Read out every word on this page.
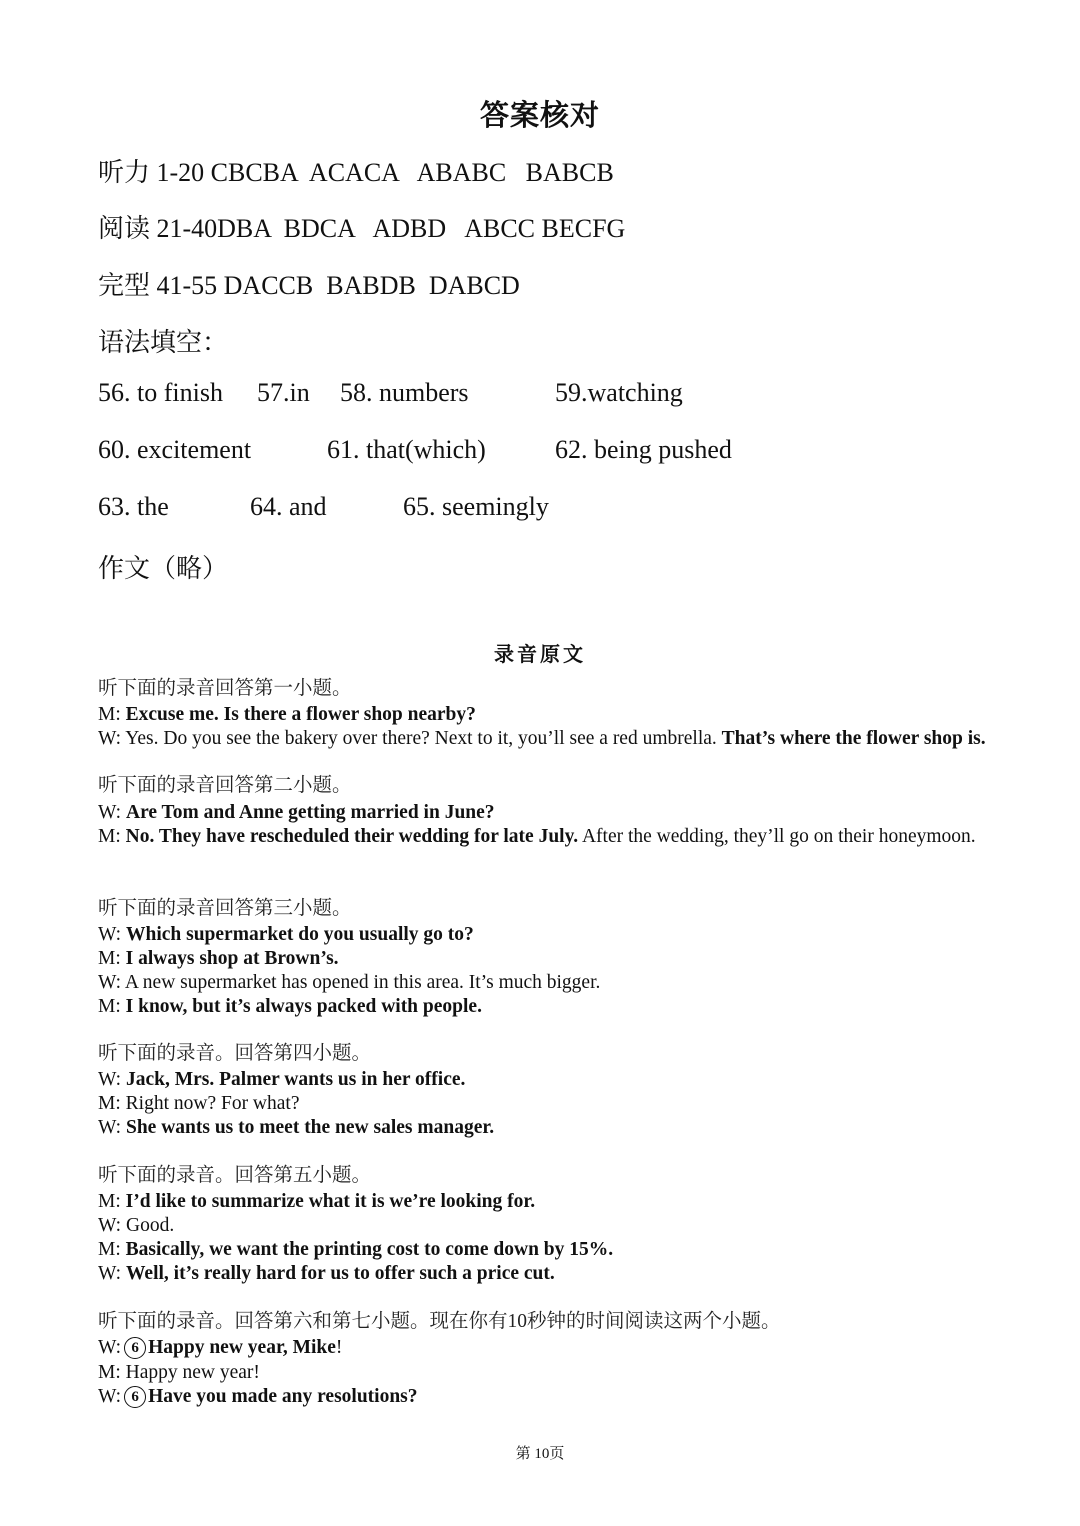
答案核对
听力 1-20 CBCBA  ACACA   ABABC   BABCB
阅读 21-40DBA  BDCA   ADBD   ABCC BECFG
完型 41-55 DACCB  BABDB  DABCD
语法填空：
56. to finish 57.in 58. numbers	59.watching
60. excitement	61. that(which)	62. being pushed
63. the	64. and	65. seemingly
作文（略）
录音原文
听下面的录音回答第一小题。
M: Excuse me. Is there a flower shop nearby?
W: Yes. Do you see the bakery over there? Next to it, you’ll see a red umbrella. That’s where the flower shop is.
听下面的录音回答第二小题。
W: Are Tom and Anne getting married in June?
M: No. They have rescheduled their wedding for late July. After the wedding, they’ll go on their honeymoon.
听下面的录音回答第三小题。
W: Which supermarket do you usually go to?
M: I always shop at Brown’s.
W: A new supermarket has opened in this area. It’s much bigger.
M: I know, but it’s always packed with people.
听下面的录音。回答第四小题。
W: Jack, Mrs. Palmer wants us in her office.
M: Right now? For what?
W: She wants us to meet the new sales manager.
听下面的录音。回答第五小题。
M: I’d like to summarize what it is we’re looking for.
W: Good.
M: Basically, we want the printing cost to come down by 15%.
W: Well, it’s really hard for us to offer such a price cut.
听下面的录音。回答第六和第七小题。现在你有10秒钟的时间阅读这两个小题。
W: 6 Happy new year, Mike!
M: Happy new year!
W: 6 Have you made any resolutions?
第 10页
